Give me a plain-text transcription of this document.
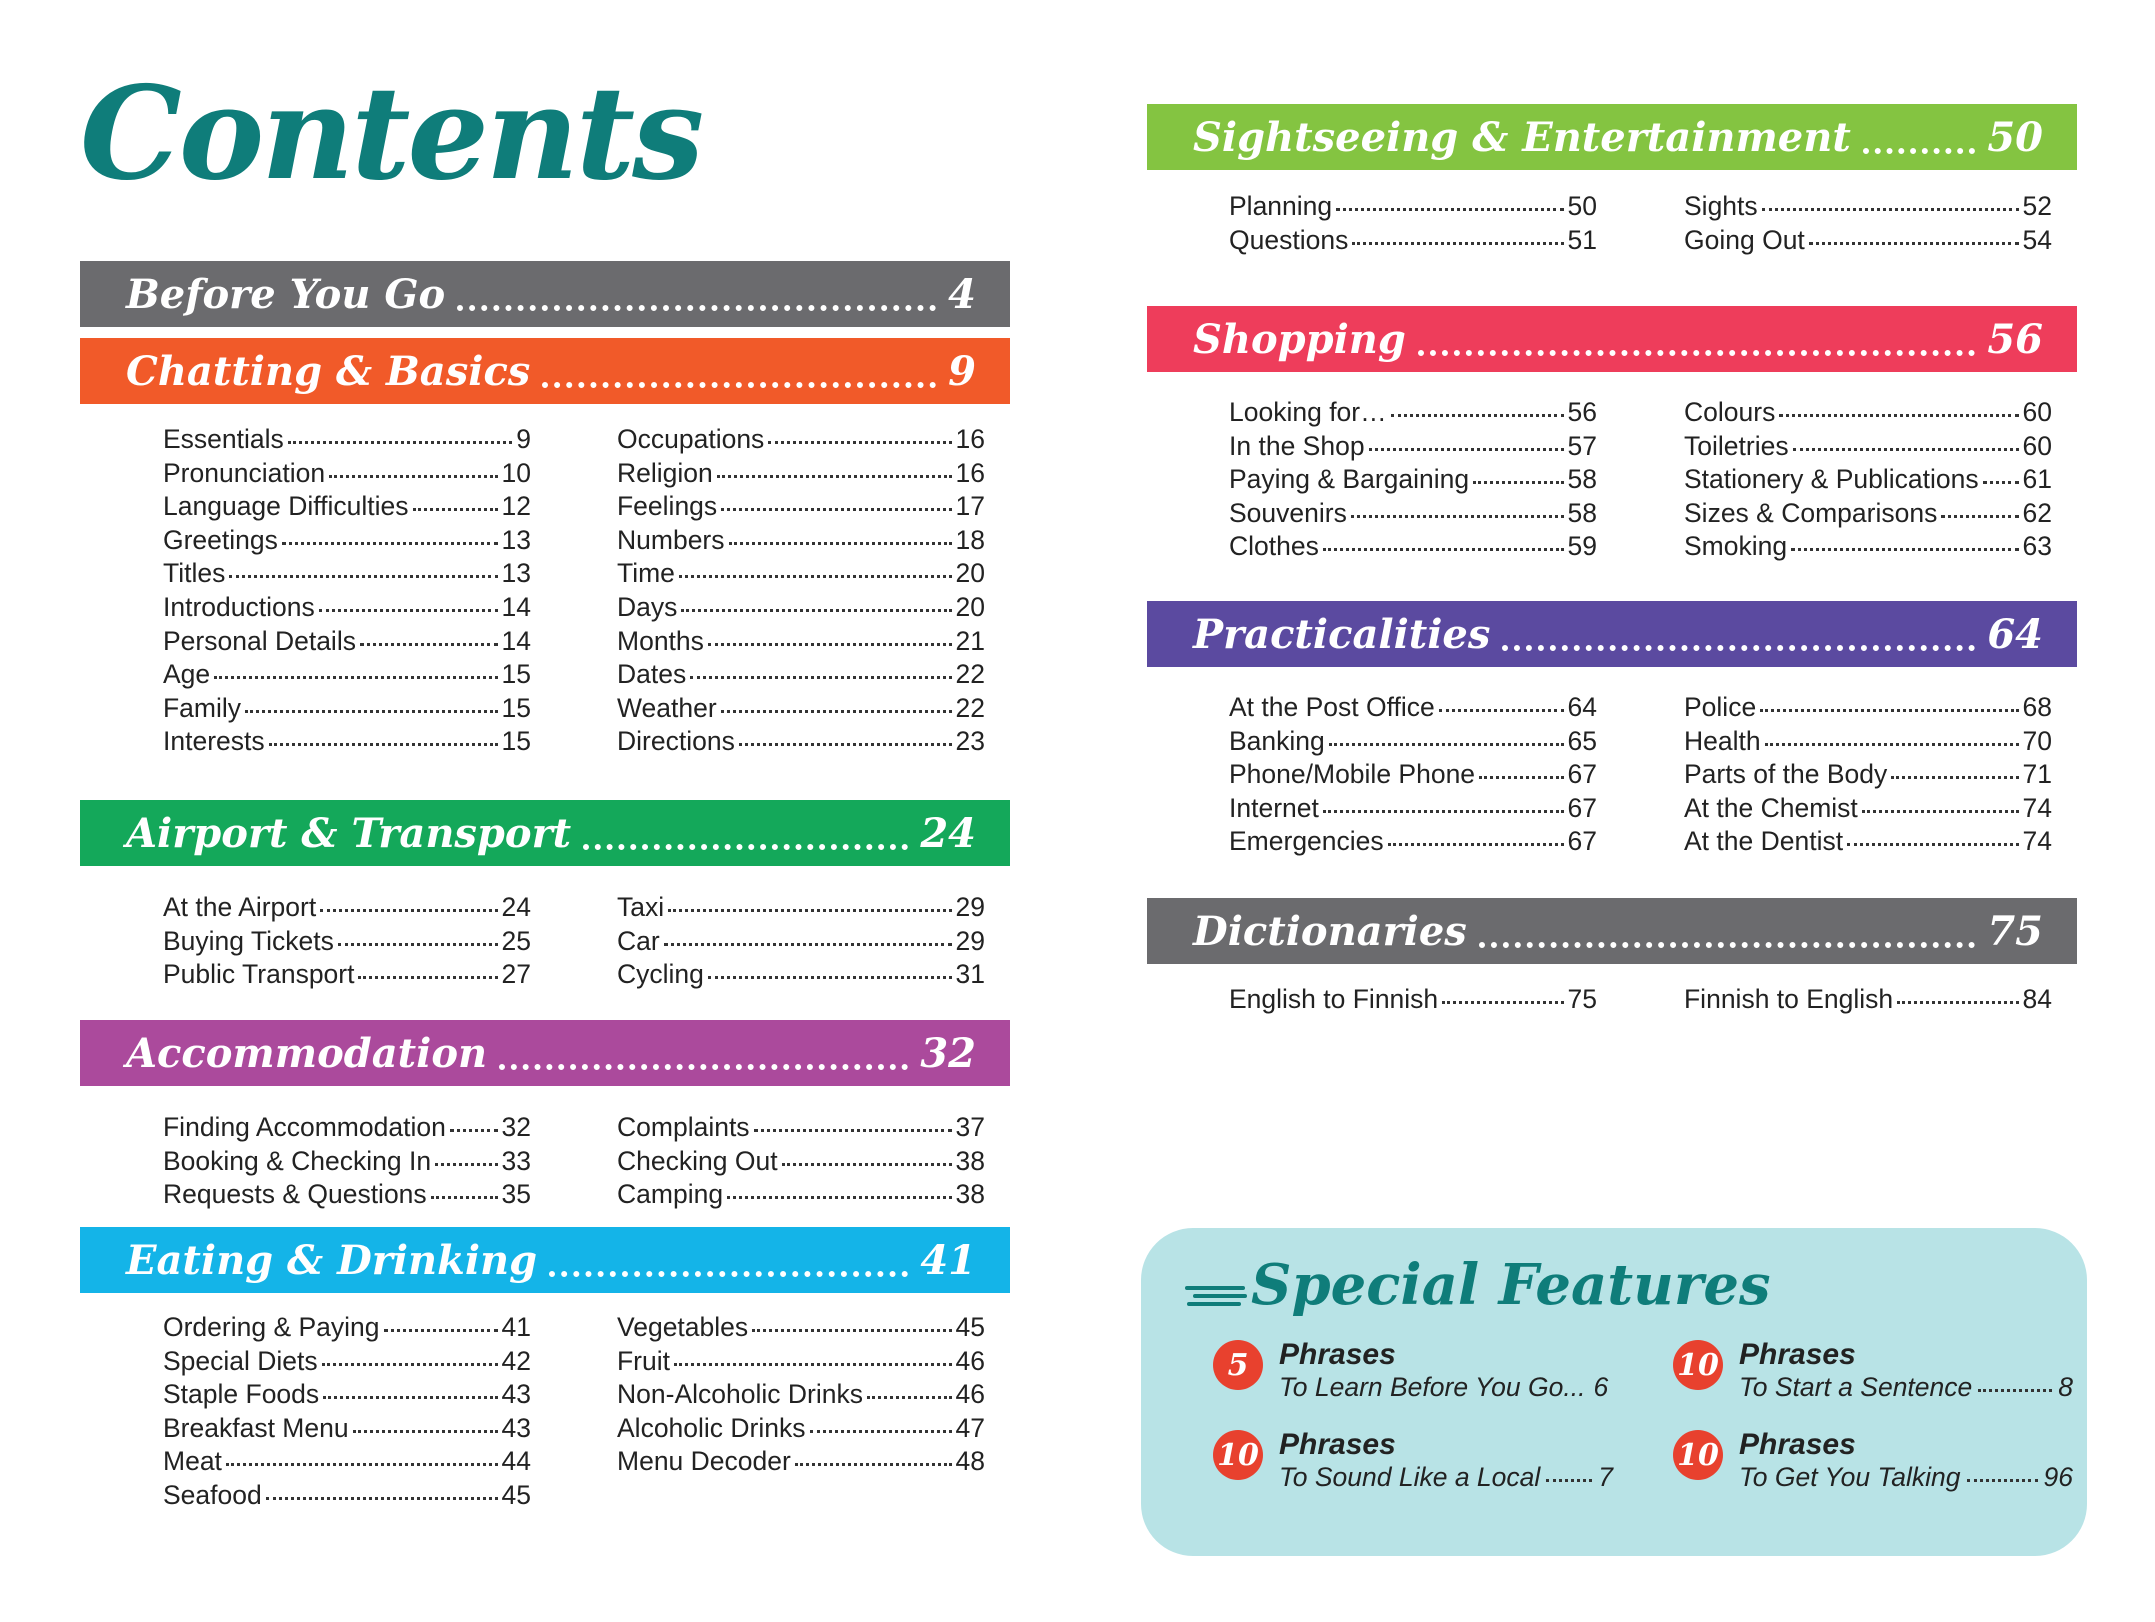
Contents
Before You Go	4
Chatting & Basics	9
Airport & Transport	24
Accommodation	32
Eating & Drinking	41
Sightseeing & Entertainment	50
Shopping	56
Practicalities	64
Dictionaries	75
Essentials	9
Pronunciation	10
Language Difficulties	12
Greetings	13
Titles	13
Introductions	14
Personal Details	14
Age	15
Family	15
Interests	15
Occupations	16
Religion	16
Feelings	17
Numbers	18
Time	20
Days	20
Months	21
Dates	22
Weather	22
Directions	23
At the Airport	24
Buying Tickets	25
Public Transport	27
Taxi	29
Car	29
Cycling	31
Finding Accommodation 32
Booking & Checking In	33
Requests & Questions	35
Complaints	37
Checking Out	38
Camping	38
Ordering & Paying	41
Special Diets	42
Staple Foods	43
Breakfast Menu	43
Meat	44
Seafood	45
Vegetables	45
Fruit	46
Non-Alcoholic Drinks	46
Alcoholic Drinks	47
Menu Decoder	48
Planning	50
Questions	51
Sights	52
Going Out	54
Looking for…	56
In the Shop	57
Paying & Bargaining	58
Souvenirs	58
Clothes	59
Colours	60
Toiletries	60
Stationery & Publications 61
Sizes & Comparisons	62
Smoking	63
At the Post Office	64
Banking	65
Phone/Mobile Phone	67
Internet	67
Emergencies	67
Police	68
Health	70
Parts of the Body	71
At the Chemist	74
At the Dentist	74
English to Finnish	75	Finnish to English	84
Special Features
5	Phrases
To Learn Before You Go... 6
10 Phrases
To Start a Sentence	8
10 Phrases
To Sound Like a Local 7
10 Phrases
To Get You Talking	96
